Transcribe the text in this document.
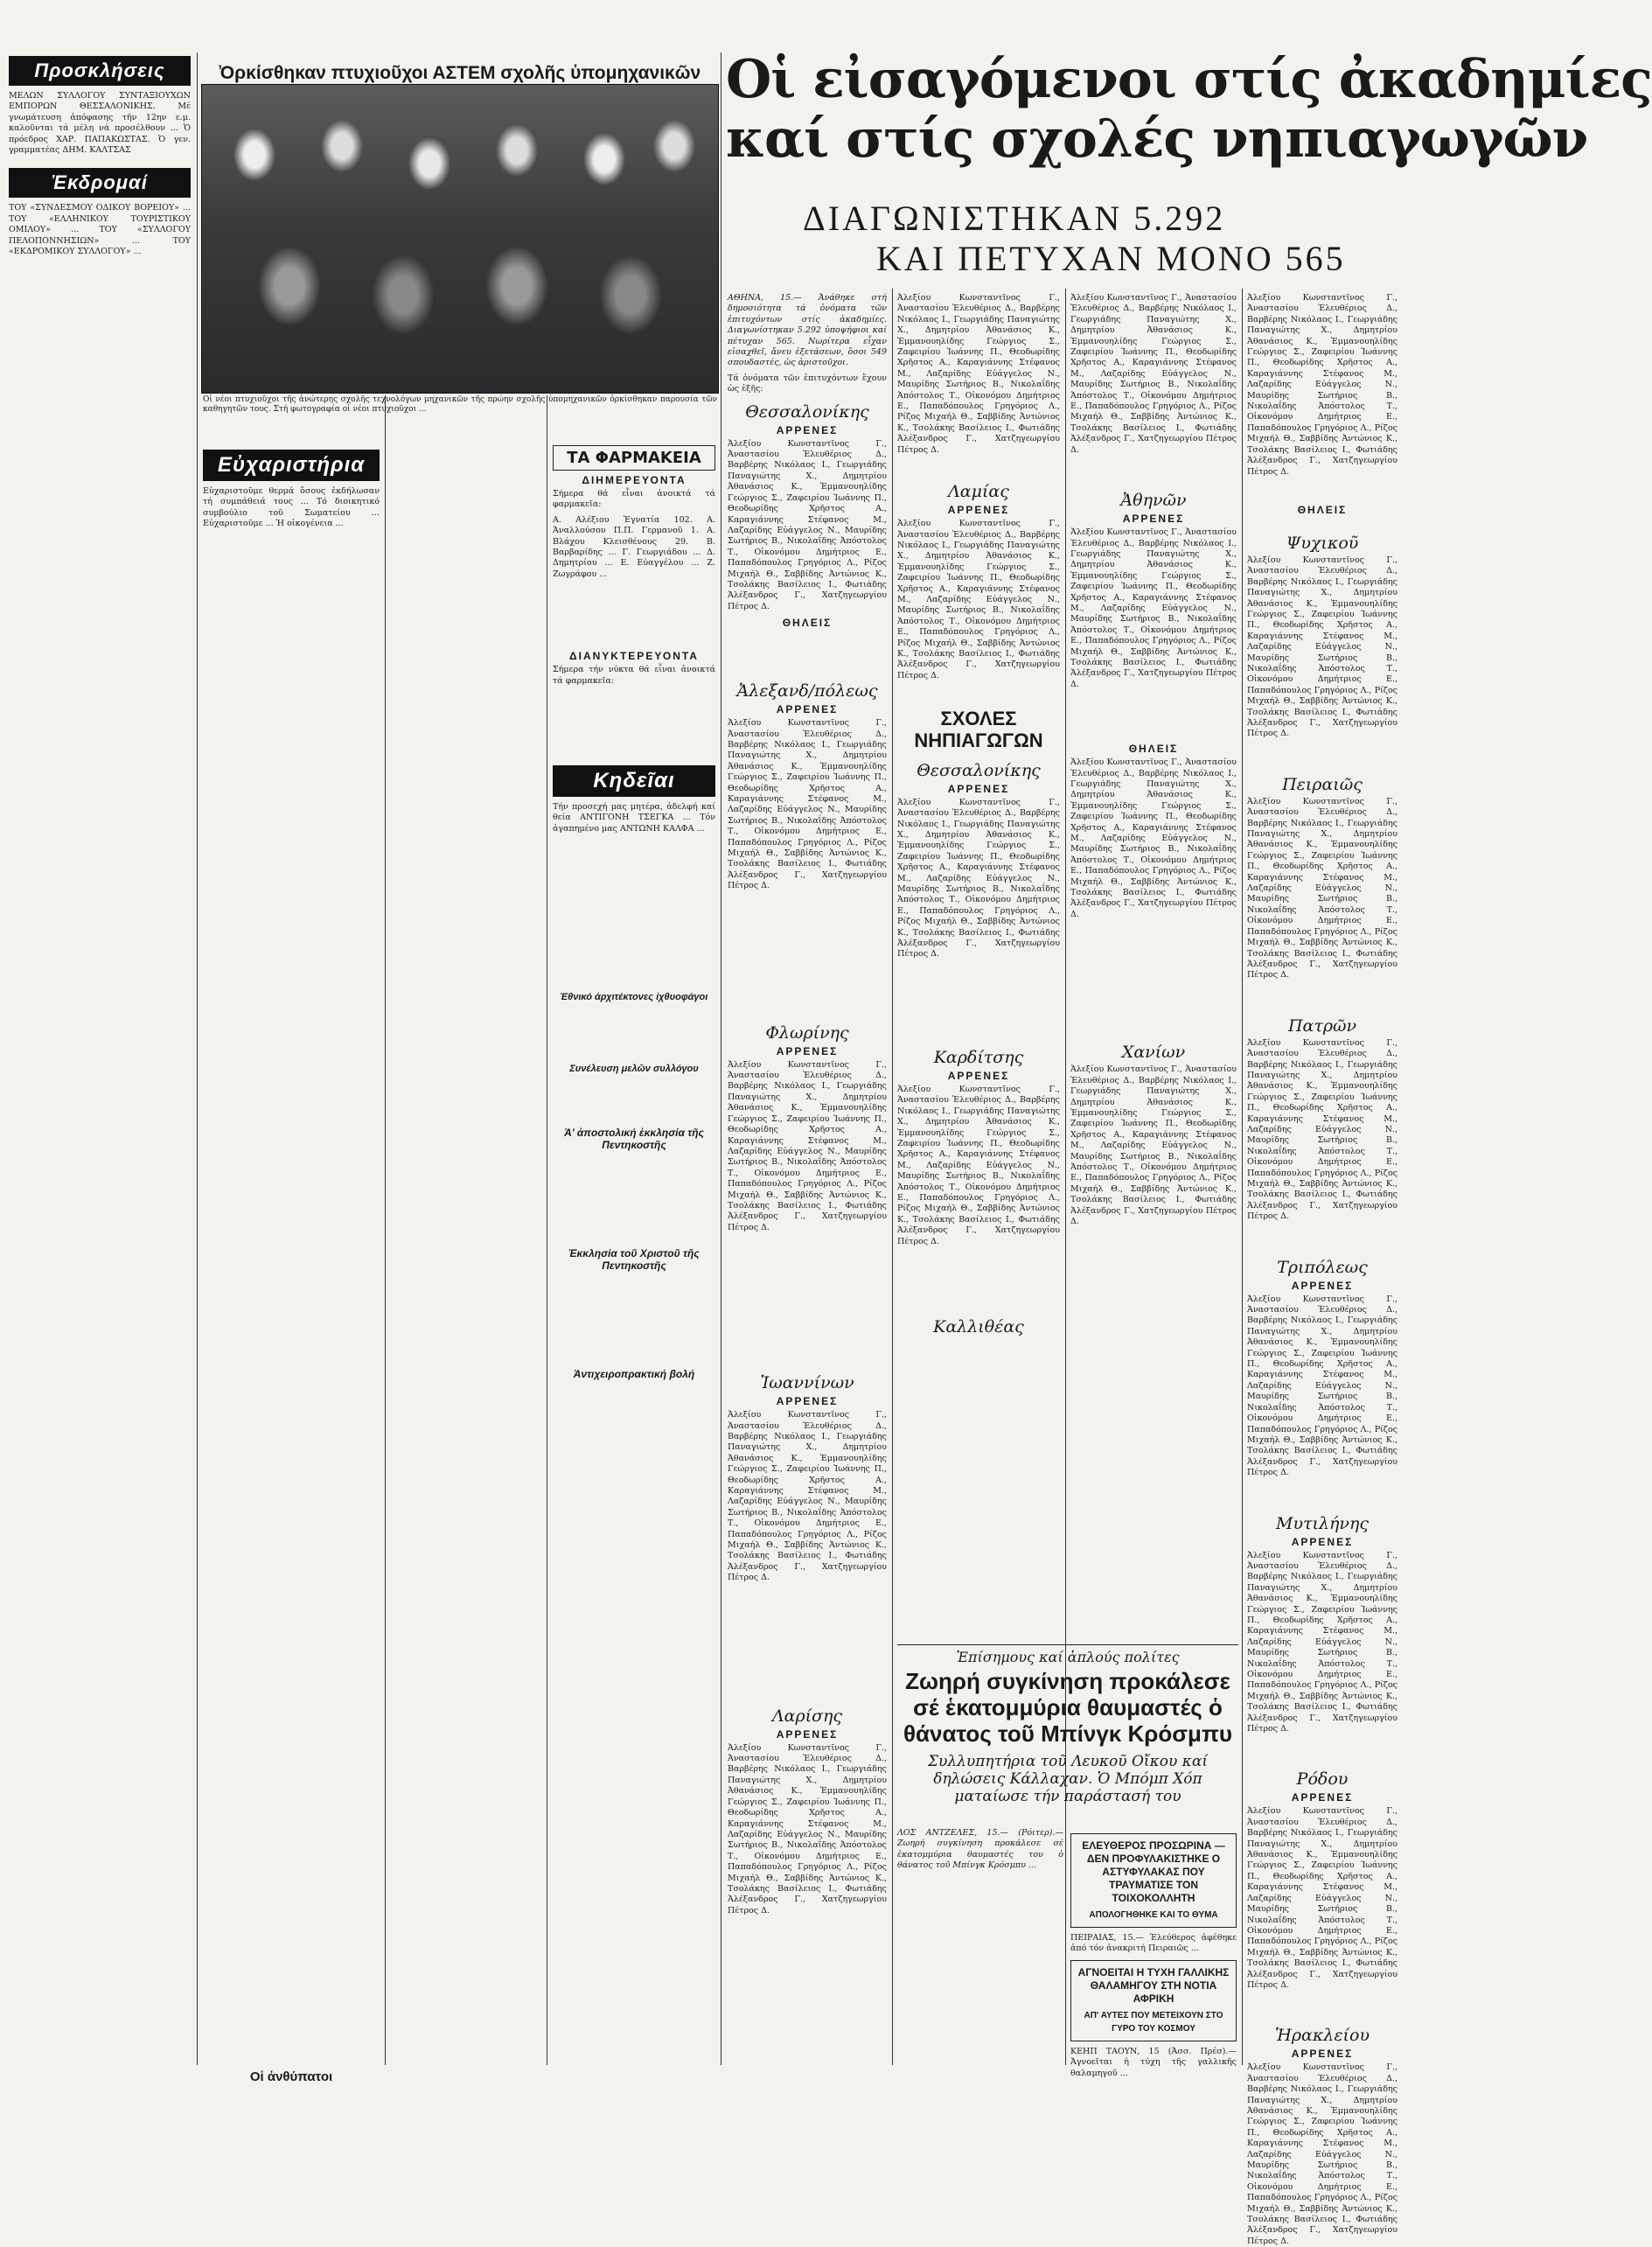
Προσκλήσεις
ΜΕΛΩΝ ΣΥΛΛΟΓΟΥ ΣΥΝΤΑΞΙΟΥΧΩΝ ΕΜΠΟΡΩΝ ΘΕΣΣΑΛΟΝΙΚΗΣ. Μέ γνωμάτευση ἀπόφασης τῆν 12ην ε.μ. καλοῦνται τά μέλη νά προσέλθουν ... Ὁ πρόεδρος ΧΑΡ. ΠΑΠΑΚΩΣΤΑΣ. Ὁ γεν. γραμματέας ΔΗΜ. ΚΑΛΤΣΑΣ
Ἐκδρομαί
ΤΟΥ «ΣΥΝΔΕΣΜΟΥ ΟΔΙΚΟΥ ΒΟΡΕΙΟΥ» ... ΤΟΥ «ΕΛΛΗΝΙΚΟΥ ΤΟΥΡΙΣΤΙΚΟΥ ΟΜΙΛΟΥ» ... ΤΟΥ «ΣΥΛΛΟΓΟΥ ΠΕΛΟΠΟΝΝΗΣΙΩΝ» ... ΤΟΥ «ΕΚΔΡΟΜΙΚΟΥ ΣΥΛΛΟΓΟΥ» ...
Ὀρκίσθηκαν πτυχιοῦχοι ΑΣΤΕΜ σχολῆς ὑπομηχανικῶν
Οἱ νέοι πτυχιοῦχοι τῆς ἀνώτερης σχολῆς τεχνολόγων μηχανικῶν τῆς πρώην σχολῆς ὑπομηχανικῶν ὀρκίσθηκαν παρουσία τῶν καθηγητῶν τους. Στή φωτογραφία οἱ νέοι πτυχιοῦχοι ...
Εὐχαριστήρια
Εὐχαριστοῦμε θερμά ὅσους ἐκδήλωσαν τή συμπάθειά τους ... Τό διοικητικό συμβούλιο τοῦ Σωματείου ... Εὐχαριστοῦμε ... Ἡ οἰκογένεια ...
Οἱ ἀνθύπατοι
ΤΑ ΦΑΡΜΑΚΕΙΑ
ΔΙΗΜΕΡΕΥΟΝΤΑ
Σήμερα θά εἶναι ἀνοικτά τά φαρμακεῖα:
Α. Αλέξιου Ἐγνατία 102. Α. Ἀναλλούσου Π.Π. Γερμανοῦ 1. Α. Βλάχου Κλεισθένους 29. Β. Βαρβαρίδης ... Γ. Γεωργιάδου ... Δ. Δημητρίου ... Ε. Εὐαγγέλου ... Ζ. Ζωγράφου ...
ΔΙΑΝΥΚΤΕΡΕΥΟΝΤΑ
Σήμερα τήν νύκτα θά εἶναι ἀνοικτά τά φαρμακεῖα:
Κηδεῖαι
Τήν προσεχή μας μητέρα, ἀδελφή καί θεία ΑΝΤΙΓΟΝΗ ΤΣΕΓΚΑ ... Τόν ἀγαπημένο μας ΑΝΤΩΝΗ ΚΑΛΦΑ ...
Ἐθνικό ἀρχιτέκτονες ἰχθυοφάγοι
Συνέλευση μελῶν συλλόγου
Ἀ' ἀποστολική ἐκκλησία τῆς Πεντηκοστῆς
Ἐκκλησία τοῦ Χριστοῦ τῆς Πεντηκοστῆς
Ἀντιχειροπρακτική βολή
Οἱ εἰσαγόμενοι στίς ἀκαδημίες
καί στίς σχολές νηπιαγωγῶν
ΔΙΑΓΩΝΙΣΤΗΚΑΝ 5.292
ΚΑΙ ΠΕΤΥΧΑΝ ΜΟΝΟ 565
ΑΘΗΝΑ, 15.— Ἀνάθηκε στή δημοσιότητα τά ὀνόματα τῶν ἐπιτυχόντων στίς ἀκαδημίες. Διαγωνίστηκαν 5.292 ὑποψήφιοι καί πέτυχαν 565. Νωρίτερα εἶχαν εἰσαχθεῖ, ἄνευ ἐξετάσεων, ὅσοι 549 σπουδαστές, ὡς ἀριστοῦχοι.
Τά ὀνόματα τῶν ἐπιτυχόντων ἔχουν ὡς ἑξῆς:
Θεσσαλονίκης
ΑΡΡΕΝΕΣ
Ἀλεξίου Κωνσταντῖνος Γ., Ἀναστασίου Ἐλευθέριος Δ., Βαρβέρης Νικόλαος Ι., Γεωργιάδης Παναγιώτης Χ., Δημητρίου Ἀθανάσιος Κ., Ἐμμανουηλίδης Γεώργιος Σ., Ζαφειρίου Ἰωάννης Π., Θεοδωρίδης Χρῆστος Α., Καραγιάννης Στέφανος Μ., Λαζαρίδης Εὐάγγελος Ν., Μαυρίδης Σωτήριος Β., Νικολαΐδης Ἀπόστολος Τ., Οἰκονόμου Δημήτριος Ε., Παπαδόπουλος Γρηγόριος Λ., Ρίζος Μιχαήλ Θ., Σαββίδης Ἀντώνιος Κ., Τσολάκης Βασίλειος Ι., Φωτιάδης Ἀλέξανδρος Γ., Χατζηγεωργίου Πέτρος Δ.
ΘΗΛΕΙΣ
Ἀλεξανδ/πόλεως
ΑΡΡΕΝΕΣ
Ἀλεξίου Κωνσταντῖνος Γ., Ἀναστασίου Ἐλευθέριος Δ., Βαρβέρης Νικόλαος Ι., Γεωργιάδης Παναγιώτης Χ., Δημητρίου Ἀθανάσιος Κ., Ἐμμανουηλίδης Γεώργιος Σ., Ζαφειρίου Ἰωάννης Π., Θεοδωρίδης Χρῆστος Α., Καραγιάννης Στέφανος Μ., Λαζαρίδης Εὐάγγελος Ν., Μαυρίδης Σωτήριος Β., Νικολαΐδης Ἀπόστολος Τ., Οἰκονόμου Δημήτριος Ε., Παπαδόπουλος Γρηγόριος Λ., Ρίζος Μιχαήλ Θ., Σαββίδης Ἀντώνιος Κ., Τσολάκης Βασίλειος Ι., Φωτιάδης Ἀλέξανδρος Γ., Χατζηγεωργίου Πέτρος Δ.
Φλωρίνης
ΑΡΡΕΝΕΣ
Ἀλεξίου Κωνσταντῖνος Γ., Ἀναστασίου Ἐλευθέριος Δ., Βαρβέρης Νικόλαος Ι., Γεωργιάδης Παναγιώτης Χ., Δημητρίου Ἀθανάσιος Κ., Ἐμμανουηλίδης Γεώργιος Σ., Ζαφειρίου Ἰωάννης Π., Θεοδωρίδης Χρῆστος Α., Καραγιάννης Στέφανος Μ., Λαζαρίδης Εὐάγγελος Ν., Μαυρίδης Σωτήριος Β., Νικολαΐδης Ἀπόστολος Τ., Οἰκονόμου Δημήτριος Ε., Παπαδόπουλος Γρηγόριος Λ., Ρίζος Μιχαήλ Θ., Σαββίδης Ἀντώνιος Κ., Τσολάκης Βασίλειος Ι., Φωτιάδης Ἀλέξανδρος Γ., Χατζηγεωργίου Πέτρος Δ.
Ἰωαννίνων
ΑΡΡΕΝΕΣ
Ἀλεξίου Κωνσταντῖνος Γ., Ἀναστασίου Ἐλευθέριος Δ., Βαρβέρης Νικόλαος Ι., Γεωργιάδης Παναγιώτης Χ., Δημητρίου Ἀθανάσιος Κ., Ἐμμανουηλίδης Γεώργιος Σ., Ζαφειρίου Ἰωάννης Π., Θεοδωρίδης Χρῆστος Α., Καραγιάννης Στέφανος Μ., Λαζαρίδης Εὐάγγελος Ν., Μαυρίδης Σωτήριος Β., Νικολαΐδης Ἀπόστολος Τ., Οἰκονόμου Δημήτριος Ε., Παπαδόπουλος Γρηγόριος Λ., Ρίζος Μιχαήλ Θ., Σαββίδης Ἀντώνιος Κ., Τσολάκης Βασίλειος Ι., Φωτιάδης Ἀλέξανδρος Γ., Χατζηγεωργίου Πέτρος Δ.
Λαρίσης
ΑΡΡΕΝΕΣ
Ἀλεξίου Κωνσταντῖνος Γ., Ἀναστασίου Ἐλευθέριος Δ., Βαρβέρης Νικόλαος Ι., Γεωργιάδης Παναγιώτης Χ., Δημητρίου Ἀθανάσιος Κ., Ἐμμανουηλίδης Γεώργιος Σ., Ζαφειρίου Ἰωάννης Π., Θεοδωρίδης Χρῆστος Α., Καραγιάννης Στέφανος Μ., Λαζαρίδης Εὐάγγελος Ν., Μαυρίδης Σωτήριος Β., Νικολαΐδης Ἀπόστολος Τ., Οἰκονόμου Δημήτριος Ε., Παπαδόπουλος Γρηγόριος Λ., Ρίζος Μιχαήλ Θ., Σαββίδης Ἀντώνιος Κ., Τσολάκης Βασίλειος Ι., Φωτιάδης Ἀλέξανδρος Γ., Χατζηγεωργίου Πέτρος Δ.
Ἀλεξίου Κωνσταντῖνος Γ., Ἀναστασίου Ἐλευθέριος Δ., Βαρβέρης Νικόλαος Ι., Γεωργιάδης Παναγιώτης Χ., Δημητρίου Ἀθανάσιος Κ., Ἐμμανουηλίδης Γεώργιος Σ., Ζαφειρίου Ἰωάννης Π., Θεοδωρίδης Χρῆστος Α., Καραγιάννης Στέφανος Μ., Λαζαρίδης Εὐάγγελος Ν., Μαυρίδης Σωτήριος Β., Νικολαΐδης Ἀπόστολος Τ., Οἰκονόμου Δημήτριος Ε., Παπαδόπουλος Γρηγόριος Λ., Ρίζος Μιχαήλ Θ., Σαββίδης Ἀντώνιος Κ., Τσολάκης Βασίλειος Ι., Φωτιάδης Ἀλέξανδρος Γ., Χατζηγεωργίου Πέτρος Δ.
Λαμίας
ΑΡΡΕΝΕΣ
Ἀλεξίου Κωνσταντῖνος Γ., Ἀναστασίου Ἐλευθέριος Δ., Βαρβέρης Νικόλαος Ι., Γεωργιάδης Παναγιώτης Χ., Δημητρίου Ἀθανάσιος Κ., Ἐμμανουηλίδης Γεώργιος Σ., Ζαφειρίου Ἰωάννης Π., Θεοδωρίδης Χρῆστος Α., Καραγιάννης Στέφανος Μ., Λαζαρίδης Εὐάγγελος Ν., Μαυρίδης Σωτήριος Β., Νικολαΐδης Ἀπόστολος Τ., Οἰκονόμου Δημήτριος Ε., Παπαδόπουλος Γρηγόριος Λ., Ρίζος Μιχαήλ Θ., Σαββίδης Ἀντώνιος Κ., Τσολάκης Βασίλειος Ι., Φωτιάδης Ἀλέξανδρος Γ., Χατζηγεωργίου Πέτρος Δ.
ΣΧΟΛΕΣ ΝΗΠΙΑΓΩΓΩΝ
Θεσσαλονίκης
ΑΡΡΕΝΕΣ
Ἀλεξίου Κωνσταντῖνος Γ., Ἀναστασίου Ἐλευθέριος Δ., Βαρβέρης Νικόλαος Ι., Γεωργιάδης Παναγιώτης Χ., Δημητρίου Ἀθανάσιος Κ., Ἐμμανουηλίδης Γεώργιος Σ., Ζαφειρίου Ἰωάννης Π., Θεοδωρίδης Χρῆστος Α., Καραγιάννης Στέφανος Μ., Λαζαρίδης Εὐάγγελος Ν., Μαυρίδης Σωτήριος Β., Νικολαΐδης Ἀπόστολος Τ., Οἰκονόμου Δημήτριος Ε., Παπαδόπουλος Γρηγόριος Λ., Ρίζος Μιχαήλ Θ., Σαββίδης Ἀντώνιος Κ., Τσολάκης Βασίλειος Ι., Φωτιάδης Ἀλέξανδρος Γ., Χατζηγεωργίου Πέτρος Δ.
Καρδίτσης
ΑΡΡΕΝΕΣ
Ἀλεξίου Κωνσταντῖνος Γ., Ἀναστασίου Ἐλευθέριος Δ., Βαρβέρης Νικόλαος Ι., Γεωργιάδης Παναγιώτης Χ., Δημητρίου Ἀθανάσιος Κ., Ἐμμανουηλίδης Γεώργιος Σ., Ζαφειρίου Ἰωάννης Π., Θεοδωρίδης Χρῆστος Α., Καραγιάννης Στέφανος Μ., Λαζαρίδης Εὐάγγελος Ν., Μαυρίδης Σωτήριος Β., Νικολαΐδης Ἀπόστολος Τ., Οἰκονόμου Δημήτριος Ε., Παπαδόπουλος Γρηγόριος Λ., Ρίζος Μιχαήλ Θ., Σαββίδης Ἀντώνιος Κ., Τσολάκης Βασίλειος Ι., Φωτιάδης Ἀλέξανδρος Γ., Χατζηγεωργίου Πέτρος Δ.
Καλλιθέας
Ἀλεξίου Κωνσταντῖνος Γ., Ἀναστασίου Ἐλευθέριος Δ., Βαρβέρης Νικόλαος Ι., Γεωργιάδης Παναγιώτης Χ., Δημητρίου Ἀθανάσιος Κ., Ἐμμανουηλίδης Γεώργιος Σ., Ζαφειρίου Ἰωάννης Π., Θεοδωρίδης Χρῆστος Α., Καραγιάννης Στέφανος Μ., Λαζαρίδης Εὐάγγελος Ν., Μαυρίδης Σωτήριος Β., Νικολαΐδης Ἀπόστολος Τ., Οἰκονόμου Δημήτριος Ε., Παπαδόπουλος Γρηγόριος Λ., Ρίζος Μιχαήλ Θ., Σαββίδης Ἀντώνιος Κ., Τσολάκης Βασίλειος Ι., Φωτιάδης Ἀλέξανδρος Γ., Χατζηγεωργίου Πέτρος Δ.
Ἀθηνῶν
ΑΡΡΕΝΕΣ
Ἀλεξίου Κωνσταντῖνος Γ., Ἀναστασίου Ἐλευθέριος Δ., Βαρβέρης Νικόλαος Ι., Γεωργιάδης Παναγιώτης Χ., Δημητρίου Ἀθανάσιος Κ., Ἐμμανουηλίδης Γεώργιος Σ., Ζαφειρίου Ἰωάννης Π., Θεοδωρίδης Χρῆστος Α., Καραγιάννης Στέφανος Μ., Λαζαρίδης Εὐάγγελος Ν., Μαυρίδης Σωτήριος Β., Νικολαΐδης Ἀπόστολος Τ., Οἰκονόμου Δημήτριος Ε., Παπαδόπουλος Γρηγόριος Λ., Ρίζος Μιχαήλ Θ., Σαββίδης Ἀντώνιος Κ., Τσολάκης Βασίλειος Ι., Φωτιάδης Ἀλέξανδρος Γ., Χατζηγεωργίου Πέτρος Δ.
ΘΗΛΕΙΣ
Ἀλεξίου Κωνσταντῖνος Γ., Ἀναστασίου Ἐλευθέριος Δ., Βαρβέρης Νικόλαος Ι., Γεωργιάδης Παναγιώτης Χ., Δημητρίου Ἀθανάσιος Κ., Ἐμμανουηλίδης Γεώργιος Σ., Ζαφειρίου Ἰωάννης Π., Θεοδωρίδης Χρῆστος Α., Καραγιάννης Στέφανος Μ., Λαζαρίδης Εὐάγγελος Ν., Μαυρίδης Σωτήριος Β., Νικολαΐδης Ἀπόστολος Τ., Οἰκονόμου Δημήτριος Ε., Παπαδόπουλος Γρηγόριος Λ., Ρίζος Μιχαήλ Θ., Σαββίδης Ἀντώνιος Κ., Τσολάκης Βασίλειος Ι., Φωτιάδης Ἀλέξανδρος Γ., Χατζηγεωργίου Πέτρος Δ.
Χανίων
Ἀλεξίου Κωνσταντῖνος Γ., Ἀναστασίου Ἐλευθέριος Δ., Βαρβέρης Νικόλαος Ι., Γεωργιάδης Παναγιώτης Χ., Δημητρίου Ἀθανάσιος Κ., Ἐμμανουηλίδης Γεώργιος Σ., Ζαφειρίου Ἰωάννης Π., Θεοδωρίδης Χρῆστος Α., Καραγιάννης Στέφανος Μ., Λαζαρίδης Εὐάγγελος Ν., Μαυρίδης Σωτήριος Β., Νικολαΐδης Ἀπόστολος Τ., Οἰκονόμου Δημήτριος Ε., Παπαδόπουλος Γρηγόριος Λ., Ρίζος Μιχαήλ Θ., Σαββίδης Ἀντώνιος Κ., Τσολάκης Βασίλειος Ι., Φωτιάδης Ἀλέξανδρος Γ., Χατζηγεωργίου Πέτρος Δ.
Ἀλεξίου Κωνσταντῖνος Γ., Ἀναστασίου Ἐλευθέριος Δ., Βαρβέρης Νικόλαος Ι., Γεωργιάδης Παναγιώτης Χ., Δημητρίου Ἀθανάσιος Κ., Ἐμμανουηλίδης Γεώργιος Σ., Ζαφειρίου Ἰωάννης Π., Θεοδωρίδης Χρῆστος Α., Καραγιάννης Στέφανος Μ., Λαζαρίδης Εὐάγγελος Ν., Μαυρίδης Σωτήριος Β., Νικολαΐδης Ἀπόστολος Τ., Οἰκονόμου Δημήτριος Ε., Παπαδόπουλος Γρηγόριος Λ., Ρίζος Μιχαήλ Θ., Σαββίδης Ἀντώνιος Κ., Τσολάκης Βασίλειος Ι., Φωτιάδης Ἀλέξανδρος Γ., Χατζηγεωργίου Πέτρος Δ.
ΘΗΛΕΙΣ
Ψυχικοῦ
Ἀλεξίου Κωνσταντῖνος Γ., Ἀναστασίου Ἐλευθέριος Δ., Βαρβέρης Νικόλαος Ι., Γεωργιάδης Παναγιώτης Χ., Δημητρίου Ἀθανάσιος Κ., Ἐμμανουηλίδης Γεώργιος Σ., Ζαφειρίου Ἰωάννης Π., Θεοδωρίδης Χρῆστος Α., Καραγιάννης Στέφανος Μ., Λαζαρίδης Εὐάγγελος Ν., Μαυρίδης Σωτήριος Β., Νικολαΐδης Ἀπόστολος Τ., Οἰκονόμου Δημήτριος Ε., Παπαδόπουλος Γρηγόριος Λ., Ρίζος Μιχαήλ Θ., Σαββίδης Ἀντώνιος Κ., Τσολάκης Βασίλειος Ι., Φωτιάδης Ἀλέξανδρος Γ., Χατζηγεωργίου Πέτρος Δ.
Πειραιῶς
Ἀλεξίου Κωνσταντῖνος Γ., Ἀναστασίου Ἐλευθέριος Δ., Βαρβέρης Νικόλαος Ι., Γεωργιάδης Παναγιώτης Χ., Δημητρίου Ἀθανάσιος Κ., Ἐμμανουηλίδης Γεώργιος Σ., Ζαφειρίου Ἰωάννης Π., Θεοδωρίδης Χρῆστος Α., Καραγιάννης Στέφανος Μ., Λαζαρίδης Εὐάγγελος Ν., Μαυρίδης Σωτήριος Β., Νικολαΐδης Ἀπόστολος Τ., Οἰκονόμου Δημήτριος Ε., Παπαδόπουλος Γρηγόριος Λ., Ρίζος Μιχαήλ Θ., Σαββίδης Ἀντώνιος Κ., Τσολάκης Βασίλειος Ι., Φωτιάδης Ἀλέξανδρος Γ., Χατζηγεωργίου Πέτρος Δ.
Πατρῶν
Ἀλεξίου Κωνσταντῖνος Γ., Ἀναστασίου Ἐλευθέριος Δ., Βαρβέρης Νικόλαος Ι., Γεωργιάδης Παναγιώτης Χ., Δημητρίου Ἀθανάσιος Κ., Ἐμμανουηλίδης Γεώργιος Σ., Ζαφειρίου Ἰωάννης Π., Θεοδωρίδης Χρῆστος Α., Καραγιάννης Στέφανος Μ., Λαζαρίδης Εὐάγγελος Ν., Μαυρίδης Σωτήριος Β., Νικολαΐδης Ἀπόστολος Τ., Οἰκονόμου Δημήτριος Ε., Παπαδόπουλος Γρηγόριος Λ., Ρίζος Μιχαήλ Θ., Σαββίδης Ἀντώνιος Κ., Τσολάκης Βασίλειος Ι., Φωτιάδης Ἀλέξανδρος Γ., Χατζηγεωργίου Πέτρος Δ.
Τριπόλεως
ΑΡΡΕΝΕΣ
Ἀλεξίου Κωνσταντῖνος Γ., Ἀναστασίου Ἐλευθέριος Δ., Βαρβέρης Νικόλαος Ι., Γεωργιάδης Παναγιώτης Χ., Δημητρίου Ἀθανάσιος Κ., Ἐμμανουηλίδης Γεώργιος Σ., Ζαφειρίου Ἰωάννης Π., Θεοδωρίδης Χρῆστος Α., Καραγιάννης Στέφανος Μ., Λαζαρίδης Εὐάγγελος Ν., Μαυρίδης Σωτήριος Β., Νικολαΐδης Ἀπόστολος Τ., Οἰκονόμου Δημήτριος Ε., Παπαδόπουλος Γρηγόριος Λ., Ρίζος Μιχαήλ Θ., Σαββίδης Ἀντώνιος Κ., Τσολάκης Βασίλειος Ι., Φωτιάδης Ἀλέξανδρος Γ., Χατζηγεωργίου Πέτρος Δ.
Μυτιλήνης
ΑΡΡΕΝΕΣ
Ἀλεξίου Κωνσταντῖνος Γ., Ἀναστασίου Ἐλευθέριος Δ., Βαρβέρης Νικόλαος Ι., Γεωργιάδης Παναγιώτης Χ., Δημητρίου Ἀθανάσιος Κ., Ἐμμανουηλίδης Γεώργιος Σ., Ζαφειρίου Ἰωάννης Π., Θεοδωρίδης Χρῆστος Α., Καραγιάννης Στέφανος Μ., Λαζαρίδης Εὐάγγελος Ν., Μαυρίδης Σωτήριος Β., Νικολαΐδης Ἀπόστολος Τ., Οἰκονόμου Δημήτριος Ε., Παπαδόπουλος Γρηγόριος Λ., Ρίζος Μιχαήλ Θ., Σαββίδης Ἀντώνιος Κ., Τσολάκης Βασίλειος Ι., Φωτιάδης Ἀλέξανδρος Γ., Χατζηγεωργίου Πέτρος Δ.
Ρόδου
ΑΡΡΕΝΕΣ
Ἀλεξίου Κωνσταντῖνος Γ., Ἀναστασίου Ἐλευθέριος Δ., Βαρβέρης Νικόλαος Ι., Γεωργιάδης Παναγιώτης Χ., Δημητρίου Ἀθανάσιος Κ., Ἐμμανουηλίδης Γεώργιος Σ., Ζαφειρίου Ἰωάννης Π., Θεοδωρίδης Χρῆστος Α., Καραγιάννης Στέφανος Μ., Λαζαρίδης Εὐάγγελος Ν., Μαυρίδης Σωτήριος Β., Νικολαΐδης Ἀπόστολος Τ., Οἰκονόμου Δημήτριος Ε., Παπαδόπουλος Γρηγόριος Λ., Ρίζος Μιχαήλ Θ., Σαββίδης Ἀντώνιος Κ., Τσολάκης Βασίλειος Ι., Φωτιάδης Ἀλέξανδρος Γ., Χατζηγεωργίου Πέτρος Δ.
Ἡρακλείου
ΑΡΡΕΝΕΣ
Ἀλεξίου Κωνσταντῖνος Γ., Ἀναστασίου Ἐλευθέριος Δ., Βαρβέρης Νικόλαος Ι., Γεωργιάδης Παναγιώτης Χ., Δημητρίου Ἀθανάσιος Κ., Ἐμμανουηλίδης Γεώργιος Σ., Ζαφειρίου Ἰωάννης Π., Θεοδωρίδης Χρῆστος Α., Καραγιάννης Στέφανος Μ., Λαζαρίδης Εὐάγγελος Ν., Μαυρίδης Σωτήριος Β., Νικολαΐδης Ἀπόστολος Τ., Οἰκονόμου Δημήτριος Ε., Παπαδόπουλος Γρηγόριος Λ., Ρίζος Μιχαήλ Θ., Σαββίδης Ἀντώνιος Κ., Τσολάκης Βασίλειος Ι., Φωτιάδης Ἀλέξανδρος Γ., Χατζηγεωργίου Πέτρος Δ.
Ἐπίσημους καί ἁπλούς πολίτες
Ζωηρή συγκίνηση προκάλεσε σέ ἑκατομμύρια θαυμαστές ὁ θάνατος τοῦ Μπίνγκ Κρόσμπυ
Συλλυπητήρια τοῦ Λευκοῦ Οἴκου καί δηλώσεις Κάλλαχαν. Ὁ Μπόμπ Χόπ ματαίωσε τήν παράστασή του
ΛΟΣ ΑΝΤΖΕΛΕΣ, 15.— (Ρόιτερ).— Ζωηρή συγκίνηση προκάλεσε σέ ἑκατομμύρια θαυμαστές του ὁ θάνατος τοῦ Μπίνγκ Κρόσμπυ ...
ΕΛΕΥΘΕΡΟΣ ΠΡΟΣΩΡΙΝΑ — ΔΕΝ ΠΡΟΦΥΛΑΚΙΣΤΗΚΕ Ο ΑΣΤΥΦΥΛΑΚΑΣ ΠΟΥ ΤΡΑΥΜΑΤΙΣΕ ΤΟΝ ΤΟΙΧΟΚΟΛΛΗΤΗ
ΑΠΟΛΟΓΗΘΗΚΕ ΚΑΙ ΤΟ ΘΥΜΑ
ΠΕΙΡΑΙΑΣ, 15.— Ἐλεύθερος ἀφέθηκε ἀπό τόν ἀνακριτή Πειραιῶς ...
ΑΓΝΟΕΙΤΑΙ Η ΤΥΧΗ ΓΑΛΛΙΚΗΣ ΘΑΛΑΜΗΓΟΥ ΣΤΗ ΝΟΤΙΑ ΑΦΡΙΚΗ
ΑΠ' ΑΥΤΕΣ ΠΟΥ ΜΕΤΕΙΧΟΥΝ ΣΤΟ ΓΥΡΟ ΤΟΥ ΚΟΣΜΟΥ
ΚΕΗΠ ΤΑΟΥΝ, 15 (Ἀσσ. Πρέσ).— Ἀγνοεῖται ἡ τύχη τῆς γαλλικῆς θαλαμηγοῦ ...
